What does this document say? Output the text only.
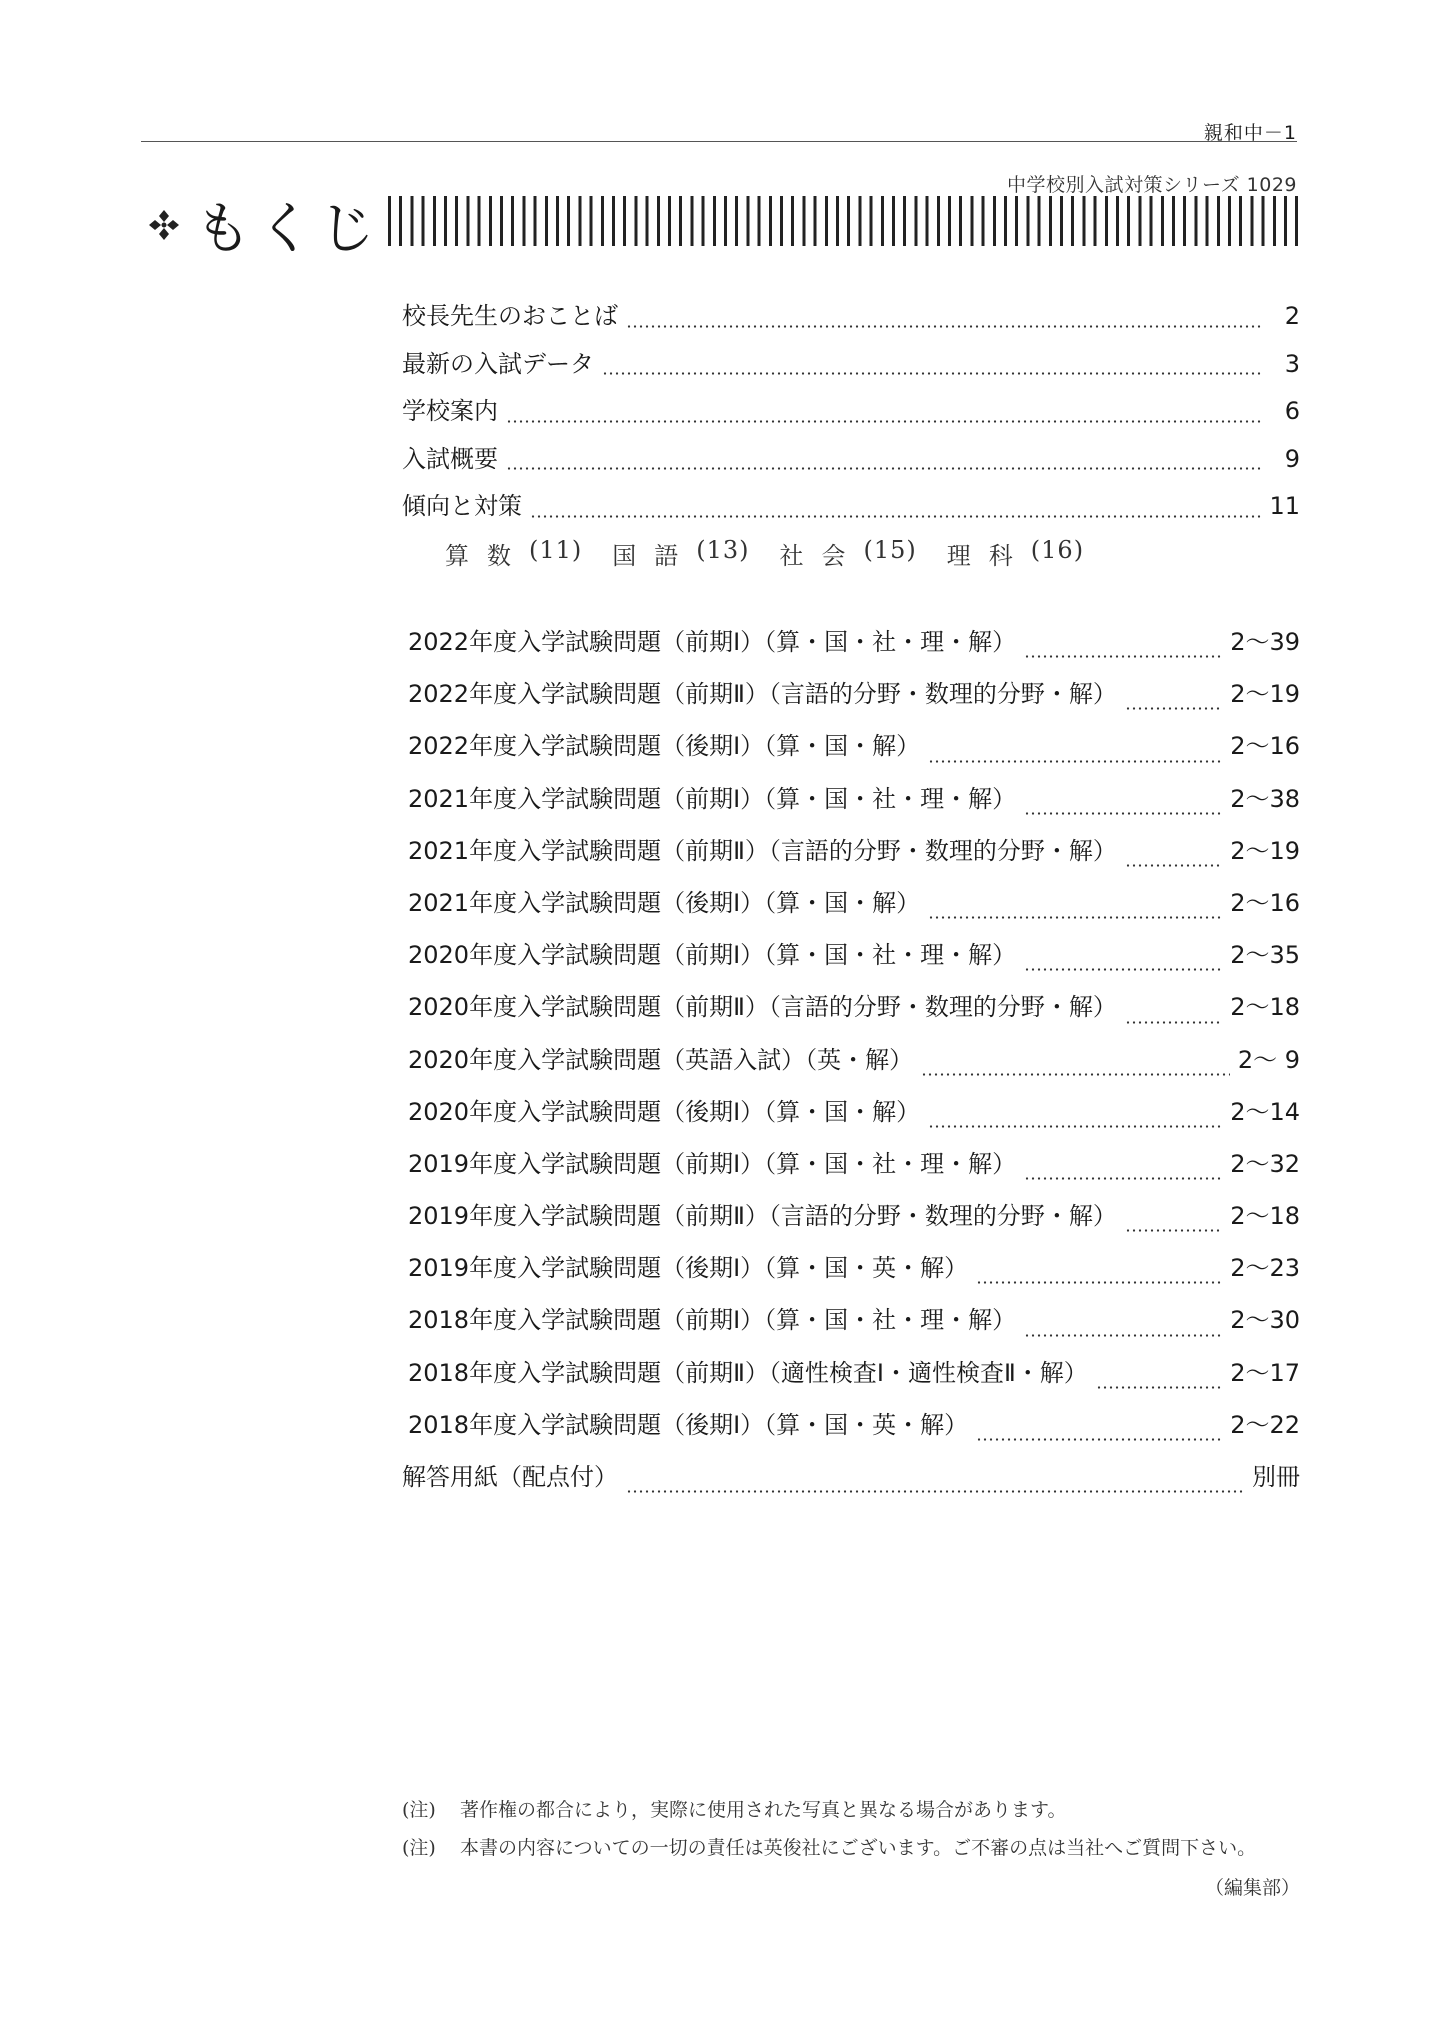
親和中－1
中学校別入試対策シリーズ 1029
もくじ
校長先生のおことば	2
最新の入試データ	3
学校案内	6
入試概要	9
傾向と対策	11
算数 (11) 国語 (13) 社会 (15) 理科 (16)
2022年度入学試験問題（前期Ⅰ）（算・国・社・理・解）	2〜39
2022年度入学試験問題（前期Ⅱ）（言語的分野・数理的分野・解）	2〜19
2022年度入学試験問題（後期Ⅰ）（算・国・解）	2〜16
2021年度入学試験問題（前期Ⅰ）（算・国・社・理・解）	2〜38
2021年度入学試験問題（前期Ⅱ）（言語的分野・数理的分野・解）	2〜19
2021年度入学試験問題（後期Ⅰ）（算・国・解）	2〜16
2020年度入学試験問題（前期Ⅰ）（算・国・社・理・解）	2〜35
2020年度入学試験問題（前期Ⅱ）（言語的分野・数理的分野・解）	2〜18
2020年度入学試験問題（英語入試）（英・解）	2〜 9
2020年度入学試験問題（後期Ⅰ）（算・国・解）	2〜14
2019年度入学試験問題（前期Ⅰ）（算・国・社・理・解）	2〜32
2019年度入学試験問題（前期Ⅱ）（言語的分野・数理的分野・解）	2〜18
2019年度入学試験問題（後期Ⅰ）（算・国・英・解）	2〜23
2018年度入学試験問題（前期Ⅰ）（算・国・社・理・解）	2〜30
2018年度入学試験問題（前期Ⅱ）（適性検査Ⅰ・適性検査Ⅱ・解）	2〜17
2018年度入学試験問題（後期Ⅰ）（算・国・英・解）	2〜22
解答用紙（配点付）	別冊
(注)	著作権の都合により，実際に使用された写真と異なる場合があります。
(注)	本書の内容についての一切の責任は英俊社にございます。ご不審の点は当社へご質問下さい。
（編集部）
